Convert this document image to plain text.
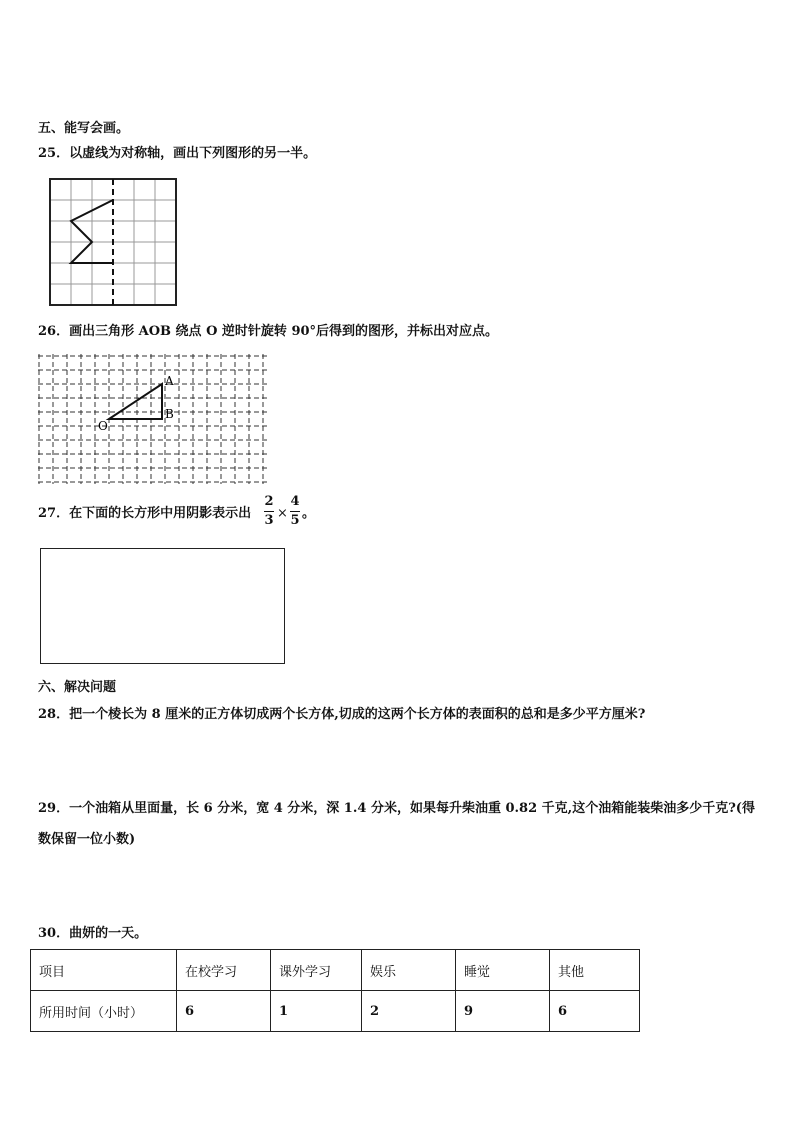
五、能写会画。
25．以虚线为对称轴，画出下列图形的另一半。
26．画出三角形 AOB 绕点 O 逆时针旋转 90°后得到的图形，并标出对应点。
A
B
O
27．在下面的长方形中用阴影表示出
2
3 ×
4
5 。
六、解决问题
28．把一个棱长为 8 厘米的正方体切成两个长方体,切成的这两个长方体的表面积的总和是多少平方厘米?
29．一个油箱从里面量，长 6 分米，宽 4 分米，深 1.4 分米，如果每升柴油重 0.82 千克,这个油箱能装柴油多少千克?(得
数保留一位小数)
30．曲妍的一天。
项目	在校学习	课外学习	娱乐	睡觉	其他
所用时间（小时）	6	1	2	9	6
